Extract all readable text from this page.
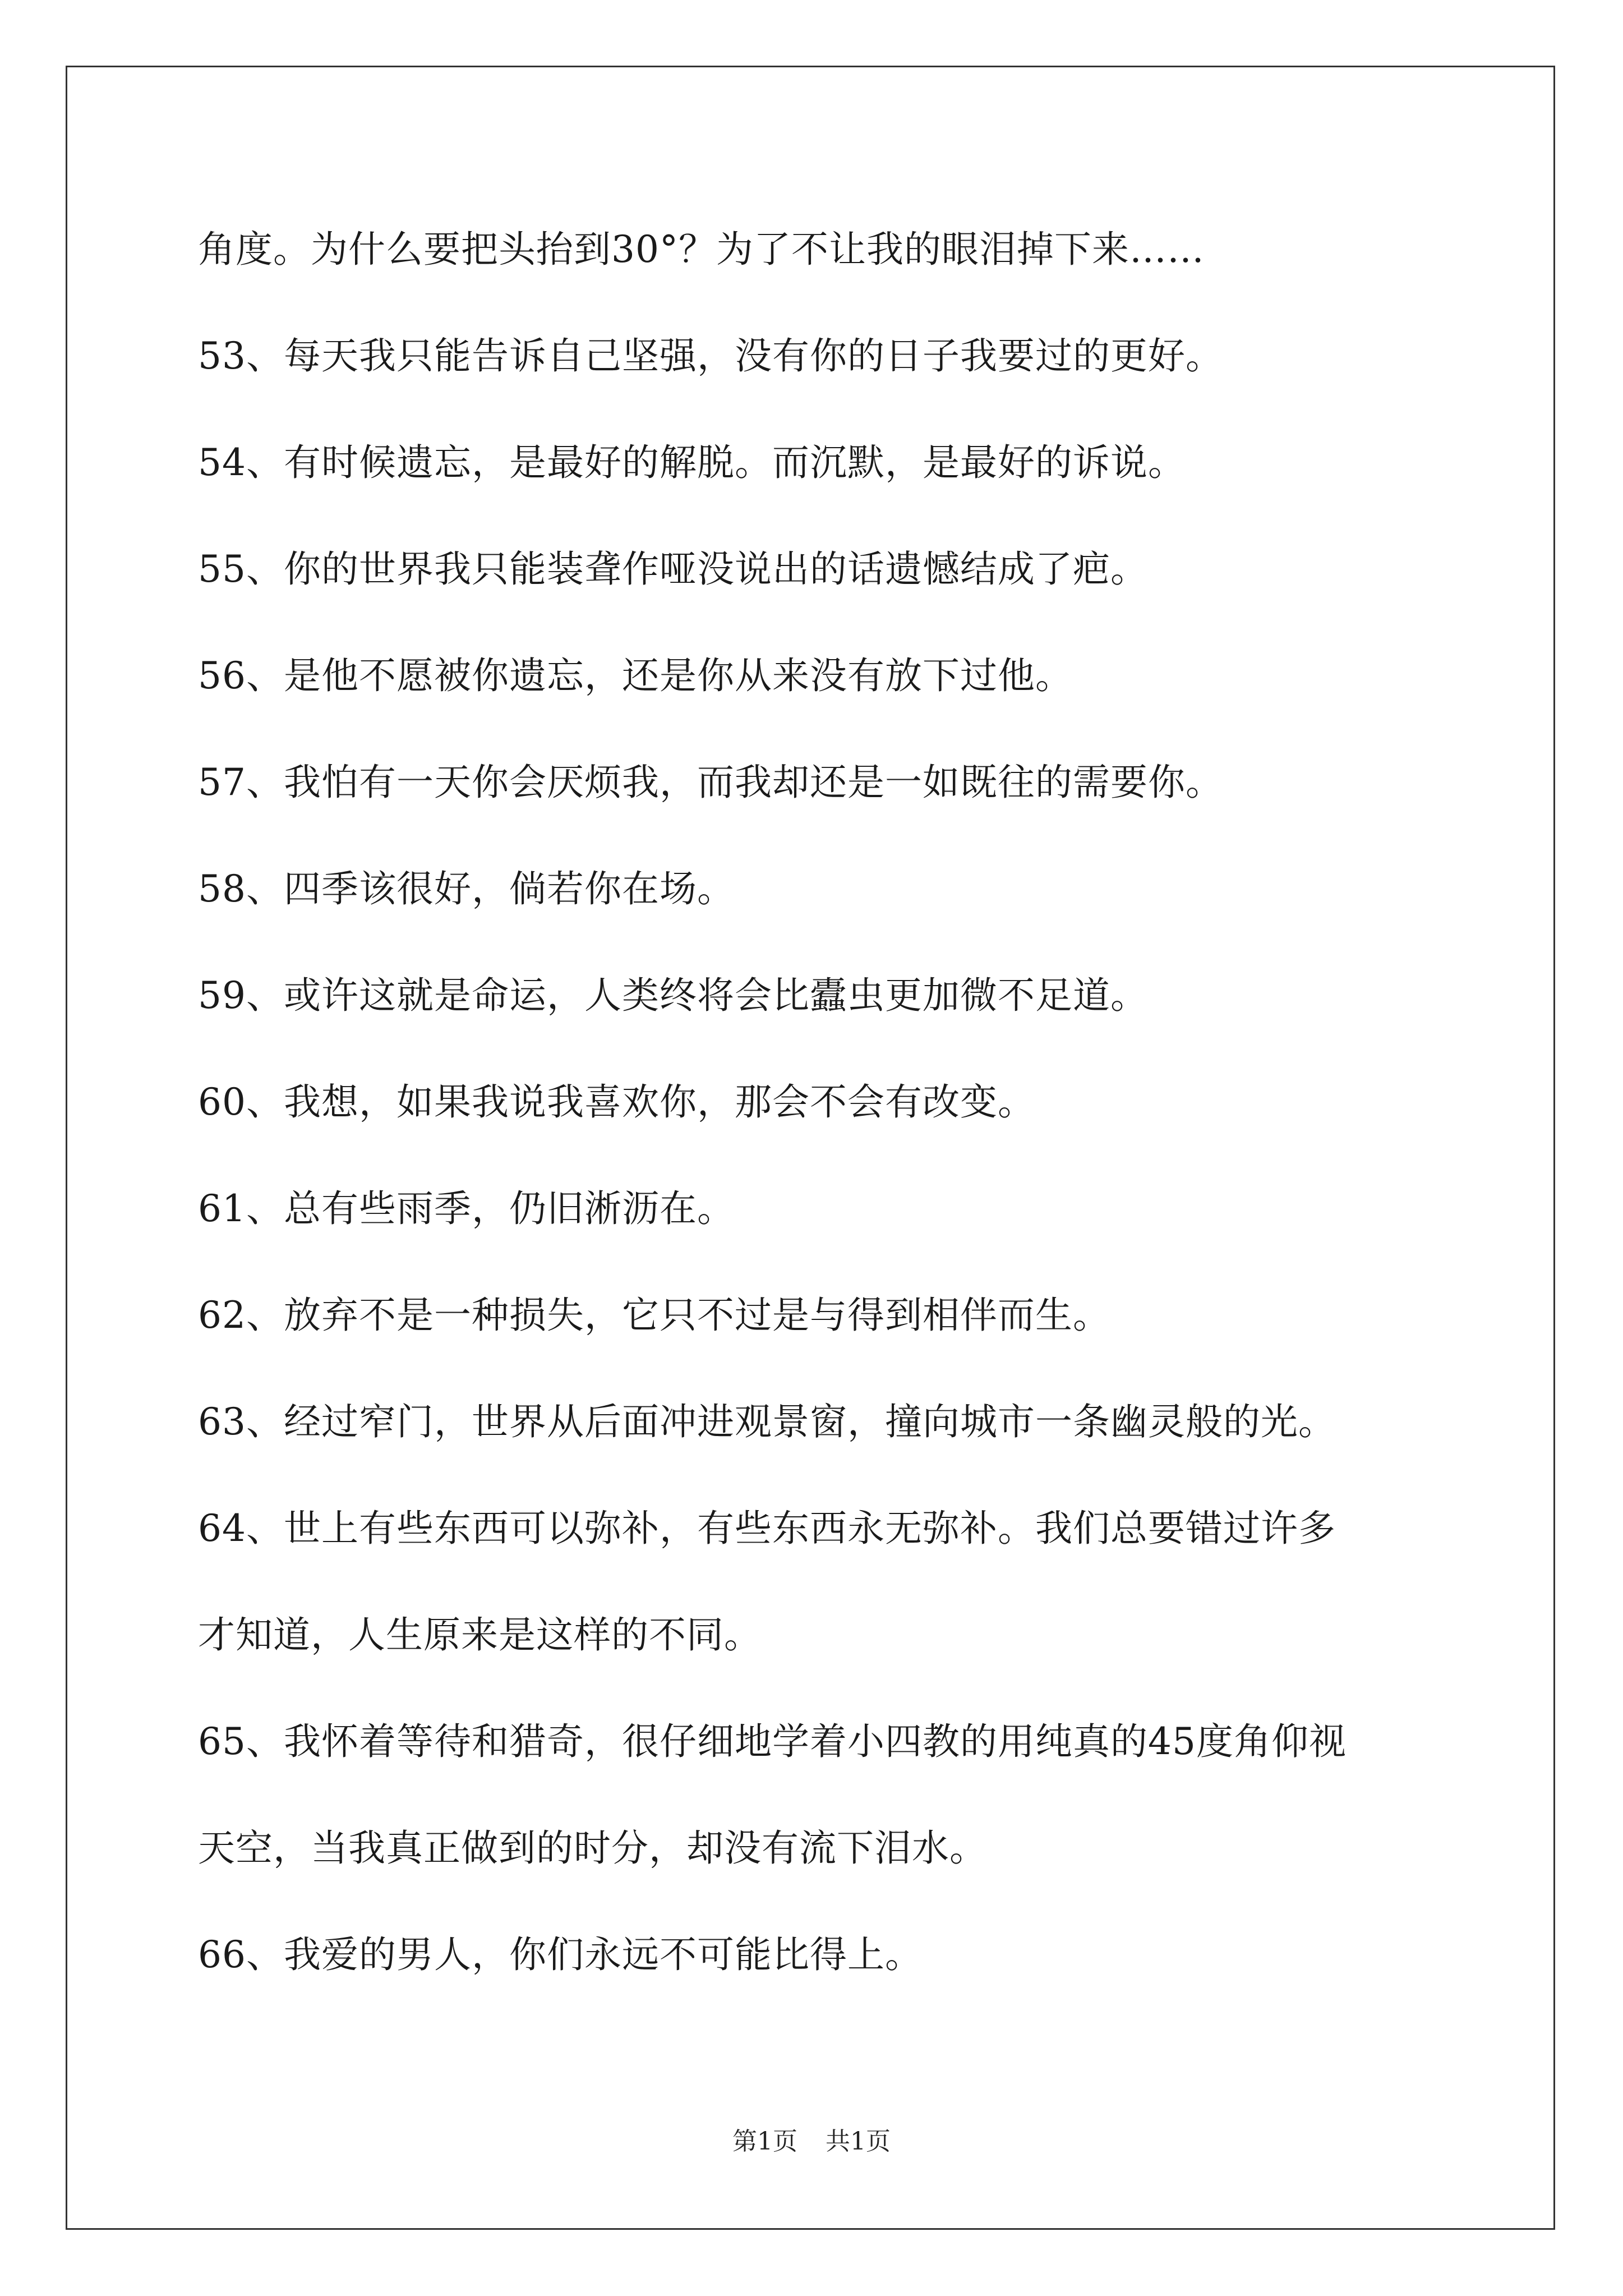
角度。为什么要把头抬到30°？为了不让我的眼泪掉下来……
53、每天我只能告诉自己坚强，没有你的日子我要过的更好。
54、有时候遗忘，是最好的解脱。而沉默，是最好的诉说。
55、你的世界我只能装聋作哑没说出的话遗憾结成了疤。
56、是他不愿被你遗忘，还是你从来没有放下过他。
57、我怕有一天你会厌烦我，而我却还是一如既往的需要你。
58、四季该很好，倘若你在场。
59、或许这就是命运，人类终将会比蠹虫更加微不足道。
60、我想，如果我说我喜欢你，那会不会有改变。
61、总有些雨季，仍旧淅沥在。
62、放弃不是一种损失，它只不过是与得到相伴而生。
63、经过窄门，世界从后面冲进观景窗，撞向城市一条幽灵般的光。
64、世上有些东西可以弥补，有些东西永无弥补。我们总要错过许多
才知道，人生原来是这样的不同。
65、我怀着等待和猎奇，很仔细地学着小四教的用纯真的45度角仰视
天空，当我真正做到的时分，却没有流下泪水。
66、我爱的男人，你们永远不可能比得上。
第1页 共1页
